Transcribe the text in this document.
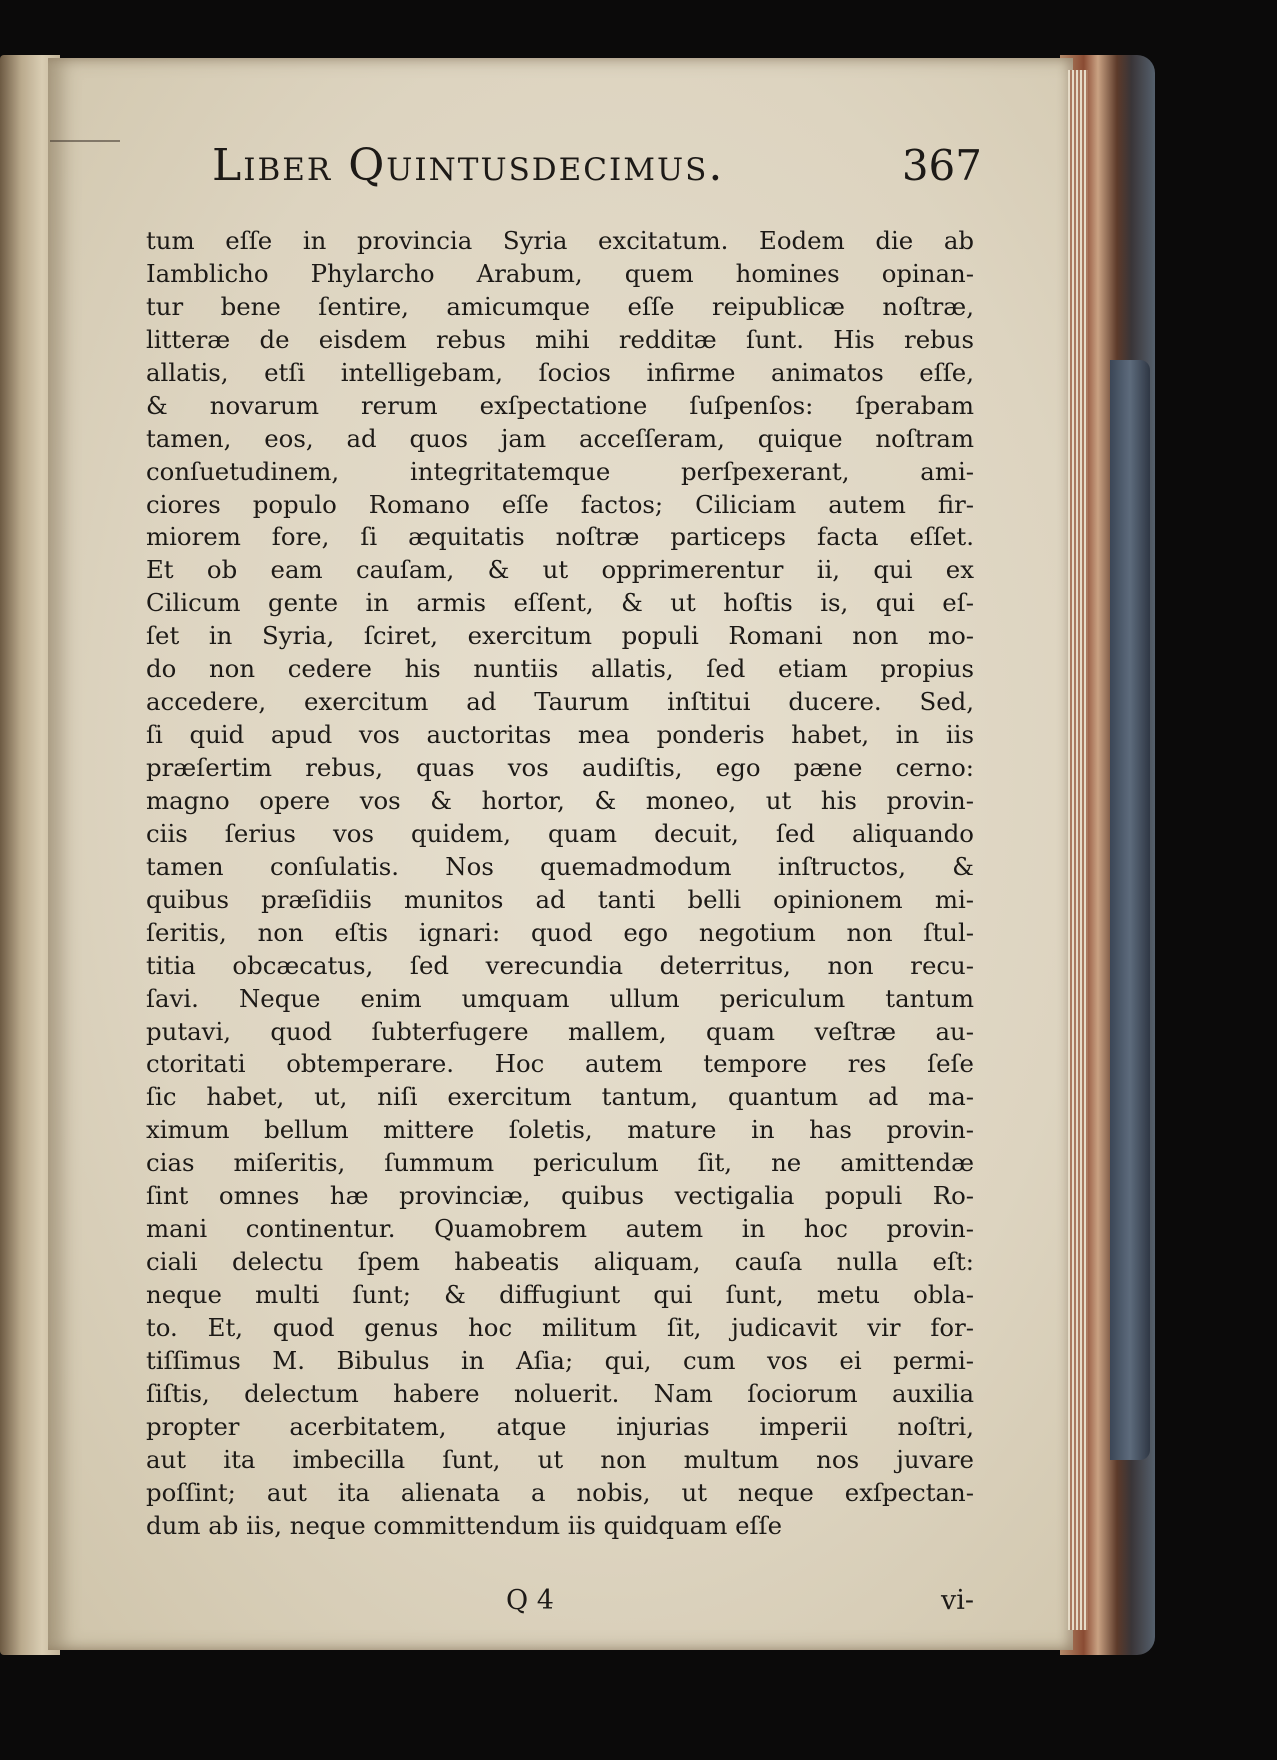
Liber Quintusdecimus.	367
tum eſſe in provincia Syria excitatum. Eodem die ab
Iamblicho Phylarcho Arabum, quem homines opinan-
tur bene ſentire, amicumque eſſe reipublicæ noſtræ,
litteræ de eisdem rebus mihi redditæ ſunt. His rebus
allatis, etſi intelligebam, ſocios infirme animatos eſſe,
& novarum rerum exſpectatione ſuſpenſos: ſperabam
tamen, eos, ad quos jam acceſſeram, quique noſtram
conſuetudinem, integritatemque perſpexerant, ami-
ciores populo Romano eſſe factos; Ciliciam autem fir-
miorem fore, ſi æquitatis noſtræ particeps facta eſſet.
Et ob eam cauſam, & ut opprimerentur ii, qui ex
Cilicum gente in armis eſſent, & ut hoſtis is, qui eſ-
ſet in Syria, ſciret, exercitum populi Romani non mo-
do non cedere his nuntiis allatis, ſed etiam propius
accedere, exercitum ad Taurum inſtitui ducere. Sed,
ſi quid apud vos auctoritas mea ponderis habet, in iis
præſertim rebus, quas vos audiſtis, ego pæne cerno:
magno opere vos & hortor, & moneo, ut his provin-
ciis ſerius vos quidem, quam decuit, ſed aliquando
tamen conſulatis. Nos quemadmodum inſtructos, &
quibus præſidiis munitos ad tanti belli opinionem mi-
ſeritis, non eſtis ignari: quod ego negotium non ſtul-
titia obcæcatus, ſed verecundia deterritus, non recu-
ſavi. Neque enim umquam ullum periculum tantum
putavi, quod ſubterfugere mallem, quam veſtræ au-
ctoritati obtemperare. Hoc autem tempore res ſeſe
ſic habet, ut, niſi exercitum tantum, quantum ad ma-
ximum bellum mittere ſoletis, mature in has provin-
cias miſeritis, ſummum periculum ſit, ne amittendæ
ſint omnes hæ provinciæ, quibus vectigalia populi Ro-
mani continentur. Quamobrem autem in hoc provin-
ciali delectu ſpem habeatis aliquam, cauſa nulla eſt:
neque multi ſunt; & diffugiunt qui ſunt, metu obla-
to. Et, quod genus hoc militum ſit, judicavit vir for-
tiſſimus M. Bibulus in Aſia; qui, cum vos ei permi-
ſiſtis, delectum habere noluerit. Nam ſociorum auxilia
propter acerbitatem, atque injurias imperii noſtri,
aut ita imbecilla ſunt, ut non multum nos juvare
poſſint; aut ita alienata a nobis, ut neque exſpectan-
dum ab iis, neque committendum iis quidquam eſſe
Q 4	vi-
